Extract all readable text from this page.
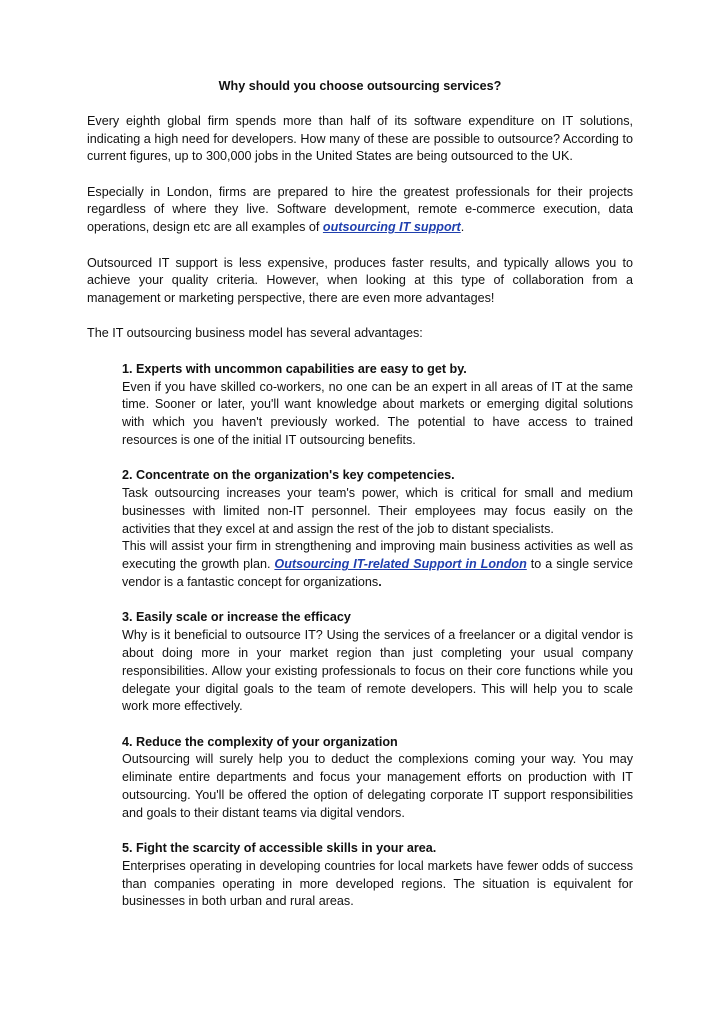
Why should you choose outsourcing services?

Every eighth global firm spends more than half of its software expenditure on IT solutions, indicating a high need for developers. How many of these are possible to outsource? According to current figures, up to 300,000 jobs in the United States are being outsourced to the UK.

Especially in London, firms are prepared to hire the greatest professionals for their projects regardless of where they live. Software development, remote e-commerce execution, data operations, design etc are all examples of outsourcing IT support.

Outsourced IT support is less expensive, produces faster results, and typically allows you to achieve your quality criteria. However, when looking at this type of collaboration from a management or marketing perspective, there are even more advantages!

The IT outsourcing business model has several advantages:

1. Experts with uncommon capabilities are easy to get by.
Even if you have skilled co-workers, no one can be an expert in all areas of IT at the same time. Sooner or later, you'll want knowledge about markets or emerging digital solutions with which you haven't previously worked. The potential to have access to trained resources is one of the initial IT outsourcing benefits.
2. Concentrate on the organization's key competencies.
Task outsourcing increases your team's power, which is critical for small and medium businesses with limited non-IT personnel. Their employees may focus easily on the activities that they excel at and assign the rest of the job to distant specialists.
This will assist your firm in strengthening and improving main business activities as well as executing the growth plan. Outsourcing IT-related Support in London to a single service vendor is a fantastic concept for organizations.
3. Easily scale or increase the efficacy
Why is it beneficial to outsource IT? Using the services of a freelancer or a digital vendor is about doing more in your market region than just completing your usual company responsibilities. Allow your existing professionals to focus on their core functions while you delegate your digital goals to the team of remote developers. This will help you to scale work more effectively.
4. Reduce the complexity of your organization
Outsourcing will surely help you to deduct the complexions coming your way. You may eliminate entire departments and focus your management efforts on production with IT outsourcing. You'll be offered the option of delegating corporate IT support responsibilities and goals to their distant teams via digital vendors.
5. Fight the scarcity of accessible skills in your area.
Enterprises operating in developing countries for local markets have fewer odds of success than companies operating in more developed regions. The situation is equivalent for businesses in both urban and rural areas.
